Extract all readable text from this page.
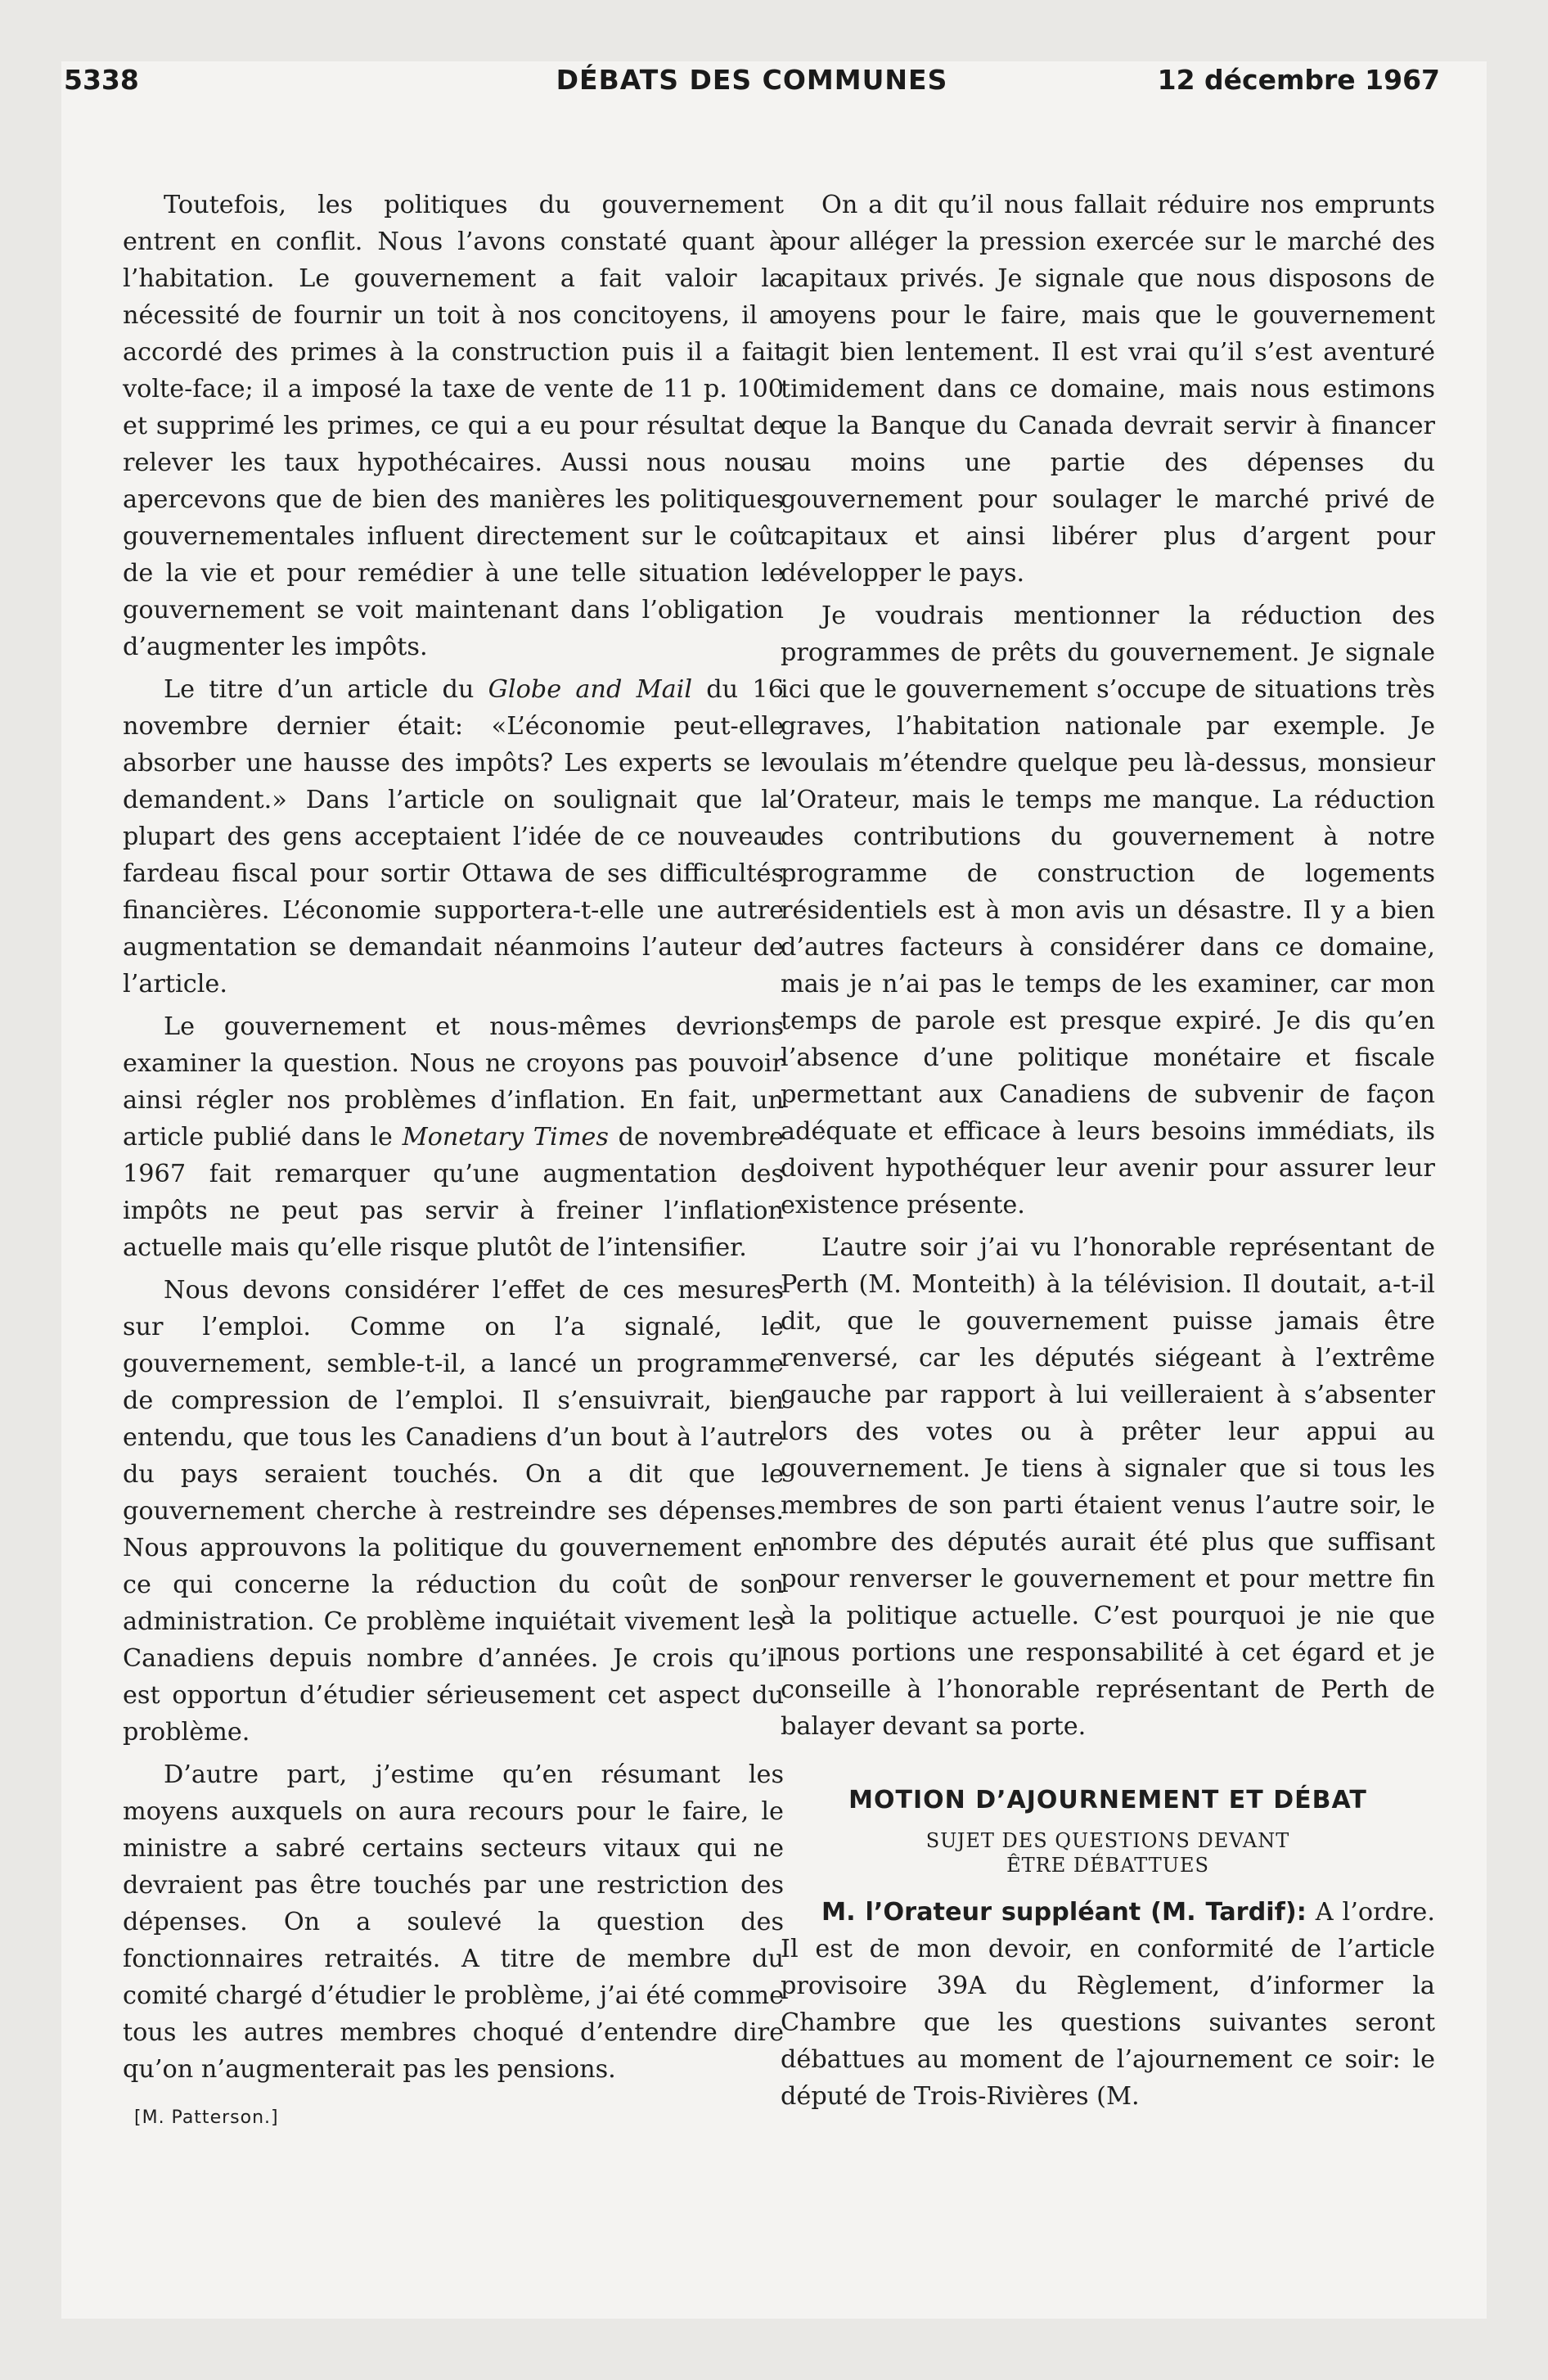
5338	DÉBATS DES COMMUNES	12 décembre 1967

Toutefois, les politiques du gouvernement entrent en conflit. Nous l’avons constaté quant à l’habitation. Le gouvernement a fait valoir la nécessité de fournir un toit à nos concitoyens, il a accordé des primes à la construction puis il a fait volte-face; il a imposé la taxe de vente de 11 p. 100 et supprimé les primes, ce qui a eu pour résultat de relever les taux hypothécaires. Aussi nous nous apercevons que de bien des manières les politiques gouvernementales influent directement sur le coût de la vie et pour remédier à une telle situation le gouvernement se voit maintenant dans l’obligation d’augmenter les impôts.

Le titre d’un article du Globe and Mail du 16 novembre dernier était: «L’économie peut-elle absorber une hausse des impôts? Les experts se le demandent.» Dans l’article on soulignait que la plupart des gens acceptaient l’idée de ce nouveau fardeau fiscal pour sortir Ottawa de ses difficultés financières. L’économie supportera-t-elle une autre augmentation se demandait néanmoins l’auteur de l’article.

Le gouvernement et nous-mêmes devrions examiner la question. Nous ne croyons pas pouvoir ainsi régler nos problèmes d’inflation. En fait, un article publié dans le Monetary Times de novembre 1967 fait remarquer qu’une augmentation des impôts ne peut pas servir à freiner l’inflation actuelle mais qu’elle risque plutôt de l’intensifier.

Nous devons considérer l’effet de ces mesures sur l’emploi. Comme on l’a signalé, le gouvernement, semble-t-il, a lancé un programme de compression de l’emploi. Il s’ensuivrait, bien entendu, que tous les Canadiens d’un bout à l’autre du pays seraient touchés. On a dit que le gouvernement cherche à restreindre ses dépenses. Nous approuvons la politique du gouvernement en ce qui concerne la réduction du coût de son administration. Ce problème inquiétait vivement les Canadiens depuis nombre d’années. Je crois qu’il est opportun d’étudier sérieusement cet aspect du problème.

D’autre part, j’estime qu’en résumant les moyens auxquels on aura recours pour le faire, le ministre a sabré certains secteurs vitaux qui ne devraient pas être touchés par une restriction des dépenses. On a soulevé la question des fonctionnaires retraités. A titre de membre du comité chargé d’étudier le problème, j’ai été comme tous les autres membres choqué d’entendre dire qu’on n’augmenterait pas les pensions.

[M. Patterson.]

On a dit qu’il nous fallait réduire nos emprunts pour alléger la pression exercée sur le marché des capitaux privés. Je signale que nous disposons de moyens pour le faire, mais que le gouvernement agit bien lentement. Il est vrai qu’il s’est aventuré timidement dans ce domaine, mais nous estimons que la Banque du Canada devrait servir à financer au moins une partie des dépenses du gouvernement pour soulager le marché privé de capitaux et ainsi libérer plus d’argent pour développer le pays.

Je voudrais mentionner la réduction des programmes de prêts du gouvernement. Je signale ici que le gouvernement s’occupe de situations très graves, l’habitation nationale par exemple. Je voulais m’étendre quelque peu là-dessus, monsieur l’Orateur, mais le temps me manque. La réduction des contributions du gouvernement à notre programme de construction de logements résidentiels est à mon avis un désastre. Il y a bien d’autres facteurs à considérer dans ce domaine, mais je n’ai pas le temps de les examiner, car mon temps de parole est presque expiré. Je dis qu’en l’absence d’une politique monétaire et fiscale permettant aux Canadiens de subvenir de façon adéquate et efficace à leurs besoins immédiats, ils doivent hypothéquer leur avenir pour assurer leur existence présente.

L’autre soir j’ai vu l’honorable représentant de Perth (M. Monteith) à la télévision. Il doutait, a-t-il dit, que le gouvernement puisse jamais être renversé, car les députés siégeant à l’extrême gauche par rapport à lui veilleraient à s’absenter lors des votes ou à prêter leur appui au gouvernement. Je tiens à signaler que si tous les membres de son parti étaient venus l’autre soir, le nombre des députés aurait été plus que suffisant pour renverser le gouvernement et pour mettre fin à la politique actuelle. C’est pourquoi je nie que nous portions une responsabilité à cet égard et je conseille à l’honorable représentant de Perth de balayer devant sa porte.

MOTION D’AJOURNEMENT ET DÉBAT
SUJET DES QUESTIONS DEVANT
ÊTRE DÉBATTUES

M. l’Orateur suppléant (M. Tardif): A l’ordre. Il est de mon devoir, en conformité de l’article provisoire 39A du Règlement, d’informer la Chambre que les questions suivantes seront débattues au moment de l’ajournement ce soir: le député de Trois-Rivières (M.
